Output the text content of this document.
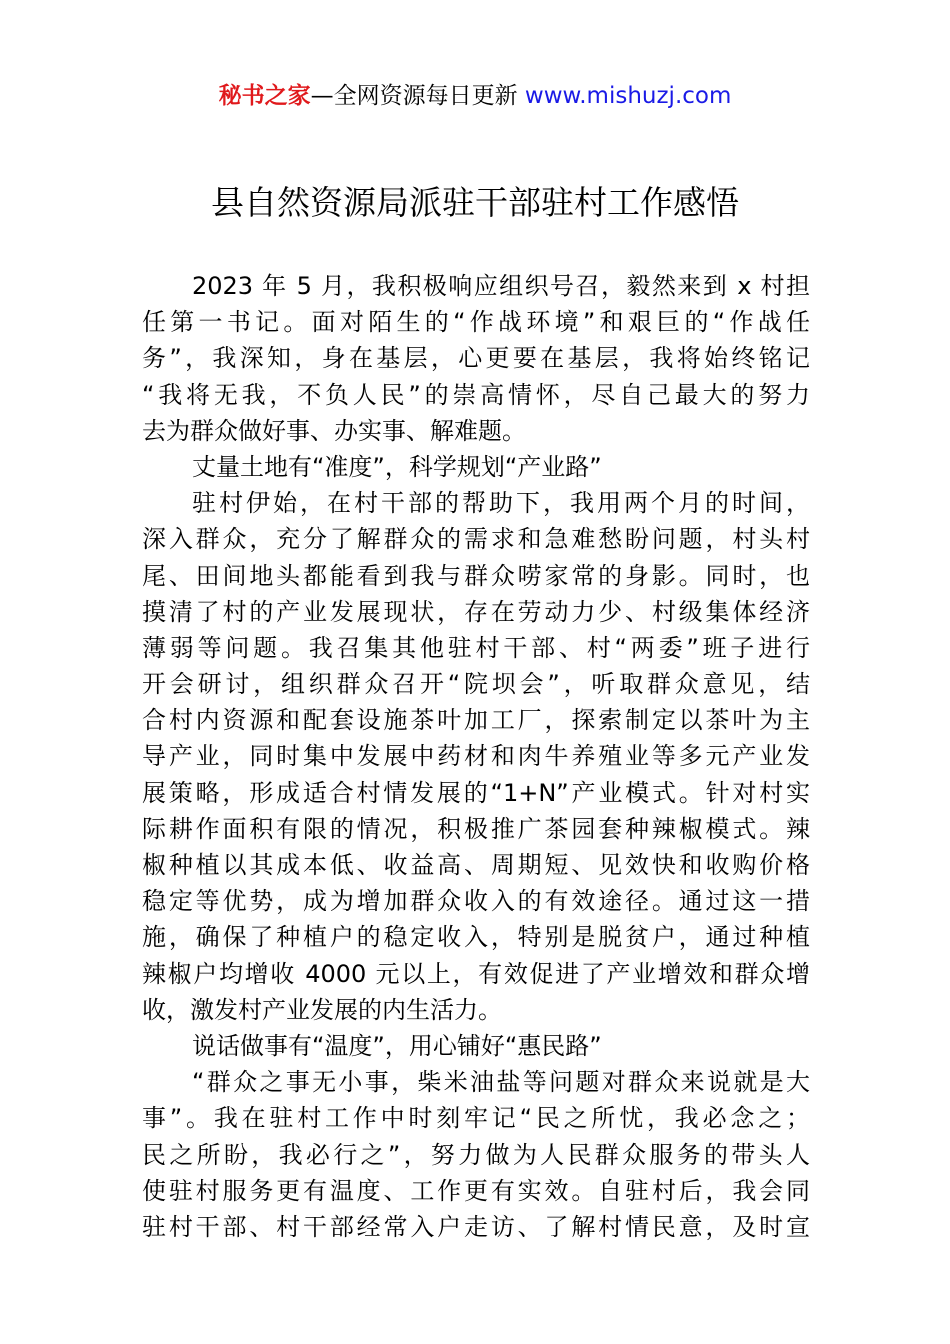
秘书之家—全网资源每日更新 www.mishuzj.com
县自然资源局派驻干部驻村工作感悟
2023 年 5 月，我积极响应组织号召，毅然来到 x 村担
任第一书记。面对陌生的“作战环境”和艰巨的“作战任
务”，我深知，身在基层，心更要在基层，我将始终铭记
“我将无我，不负人民”的崇高情怀，尽自己最大的努力
去为群众做好事、办实事、解难题。
丈量土地有“准度”，科学规划“产业路”
驻村伊始，在村干部的帮助下，我用两个月的时间，
深入群众，充分了解群众的需求和急难愁盼问题，村头村
尾、田间地头都能看到我与群众唠家常的身影。同时，也
摸清了村的产业发展现状，存在劳动力少、村级集体经济
薄弱等问题。我召集其他驻村干部、村“两委”班子进行
开会研讨，组织群众召开“院坝会”，听取群众意见，结
合村内资源和配套设施茶叶加工厂，探索制定以茶叶为主
导产业，同时集中发展中药材和肉牛养殖业等多元产业发
展策略，形成适合村情发展的“1+N”产业模式。针对村实
际耕作面积有限的情况，积极推广茶园套种辣椒模式。辣
椒种植以其成本低、收益高、周期短、见效快和收购价格
稳定等优势，成为增加群众收入的有效途径。通过这一措
施，确保了种植户的稳定收入，特别是脱贫户，通过种植
辣椒户均增收 4000 元以上，有效促进了产业增效和群众增
收，激发村产业发展的内生活力。
说话做事有“温度”，用心铺好“惠民路”
“群众之事无小事，柴米油盐等问题对群众来说就是大
事”。我在驻村工作中时刻牢记“民之所忧，我必念之；
民之所盼，我必行之”，努力做为人民群众服务的带头人
使驻村服务更有温度、工作更有实效。自驻村后，我会同
驻村干部、村干部经常入户走访、了解村情民意，及时宣
